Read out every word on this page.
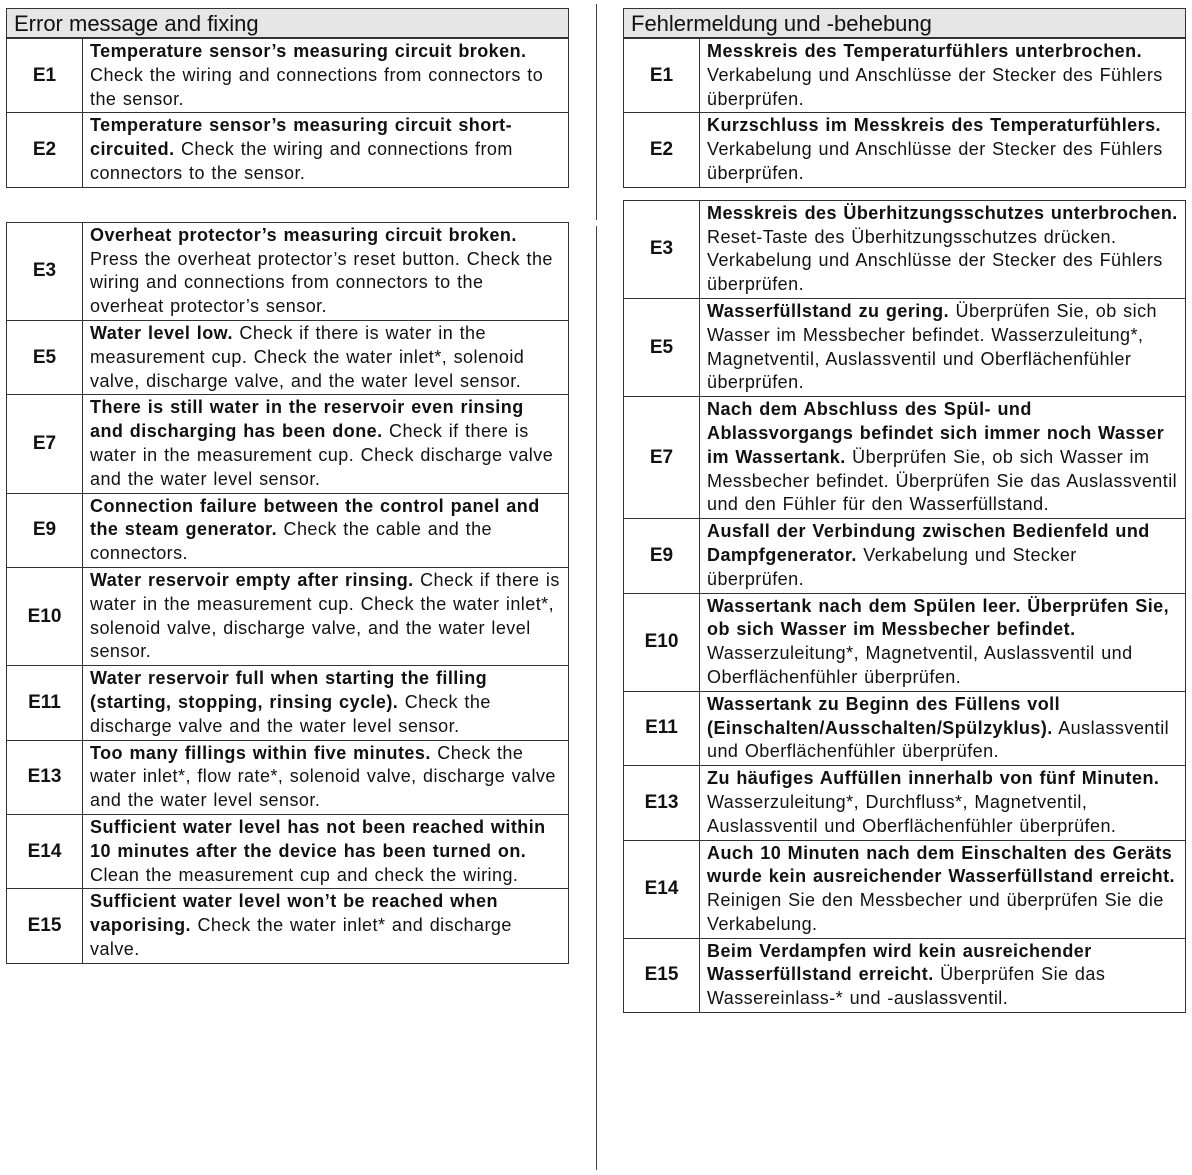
Error message and fixing
E1	Temperature sensor’s measuring circuit broken. Check the wiring and connections from connectors to the sensor.
E2	Temperature sensor’s measuring circuit short-circuited. Check the wiring and connections from connectors to the sensor.
E3	Overheat protector’s measuring circuit broken. Press the overheat protector’s reset button. Check the wiring and connections from connectors to the overheat protector’s sensor.
E5	Water level low. Check if there is water in the measurement cup. Check the water inlet*, solenoid valve, discharge valve, and the water level sensor.
E7	There is still water in the reservoir even rinsing and discharging has been done. Check if there is water in the measurement cup. Check discharge valve and the water level sensor.
E9	Connection failure between the control panel and the steam generator. Check the cable and the connectors.
E10	Water reservoir empty after rinsing. Check if there is water in the measurement cup. Check the water inlet*, solenoid valve, discharge valve, and the water level sensor.
E11	Water reservoir full when starting the filling (starting, stopping, rinsing cycle). Check the discharge valve and the water level sensor.
E13	Too many fillings within five minutes. Check the water inlet*, flow rate*, solenoid valve, discharge valve and the water level sensor.
E14	Sufficient water level has not been reached within 10 minutes after the device has been turned on. Clean the measurement cup and check the wiring.
E15	Sufficient water level won’t be reached when vaporising. Check the water inlet* and discharge valve.
Fehlermeldung und -behebung
E1	Messkreis des Temperaturfühlers unterbrochen. Verkabelung und Anschlüsse der Stecker des Fühlers überprüfen.
E2	Kurzschluss im Messkreis des Temperaturfühlers. Verkabelung und Anschlüsse der Stecker des Fühlers überprüfen.
E3	Messkreis des Überhitzungsschutzes unterbrochen. Reset-Taste des Überhitzungsschutzes drücken. Verkabelung und Anschlüsse der Stecker des Fühlers überprüfen.
E5	Wasserfüllstand zu gering. Überprüfen Sie, ob sich Wasser im Messbecher befindet. Wasserzuleitung*, Magnetventil, Auslassventil und Oberflächenfühler überprüfen.
E7	Nach dem Abschluss des Spül- und Ablassvorgangs befindet sich immer noch Wasser im Wassertank. Überprüfen Sie, ob sich Wasser im Messbecher befindet. Überprüfen Sie das Auslassventil und den Fühler für den Wasserfüllstand.
E9	Ausfall der Verbindung zwischen Bedienfeld und Dampfgenerator. Verkabelung und Stecker überprüfen.
E10	Wassertank nach dem Spülen leer. Überprüfen Sie, ob sich Wasser im Messbecher befindet. Wasserzuleitung*, Magnetventil, Auslassventil und Oberflächenfühler überprüfen.
E11	Wassertank zu Beginn des Füllens voll (Einschalten/Ausschalten/Spülzyklus). Auslassventil und Oberflächenfühler überprüfen.
E13	Zu häufiges Auffüllen innerhalb von fünf Minuten. Wasserzuleitung*, Durchfluss*, Magnetventil, Auslassventil und Oberflächenfühler überprüfen.
E14	Auch 10 Minuten nach dem Einschalten des Geräts wurde kein ausreichender Wasserfüllstand erreicht. Reinigen Sie den Messbecher und überprüfen Sie die Verkabelung.
E15	Beim Verdampfen wird kein ausreichender Wasserfüllstand erreicht. Überprüfen Sie das Wassereinlass-* und -auslassventil.
